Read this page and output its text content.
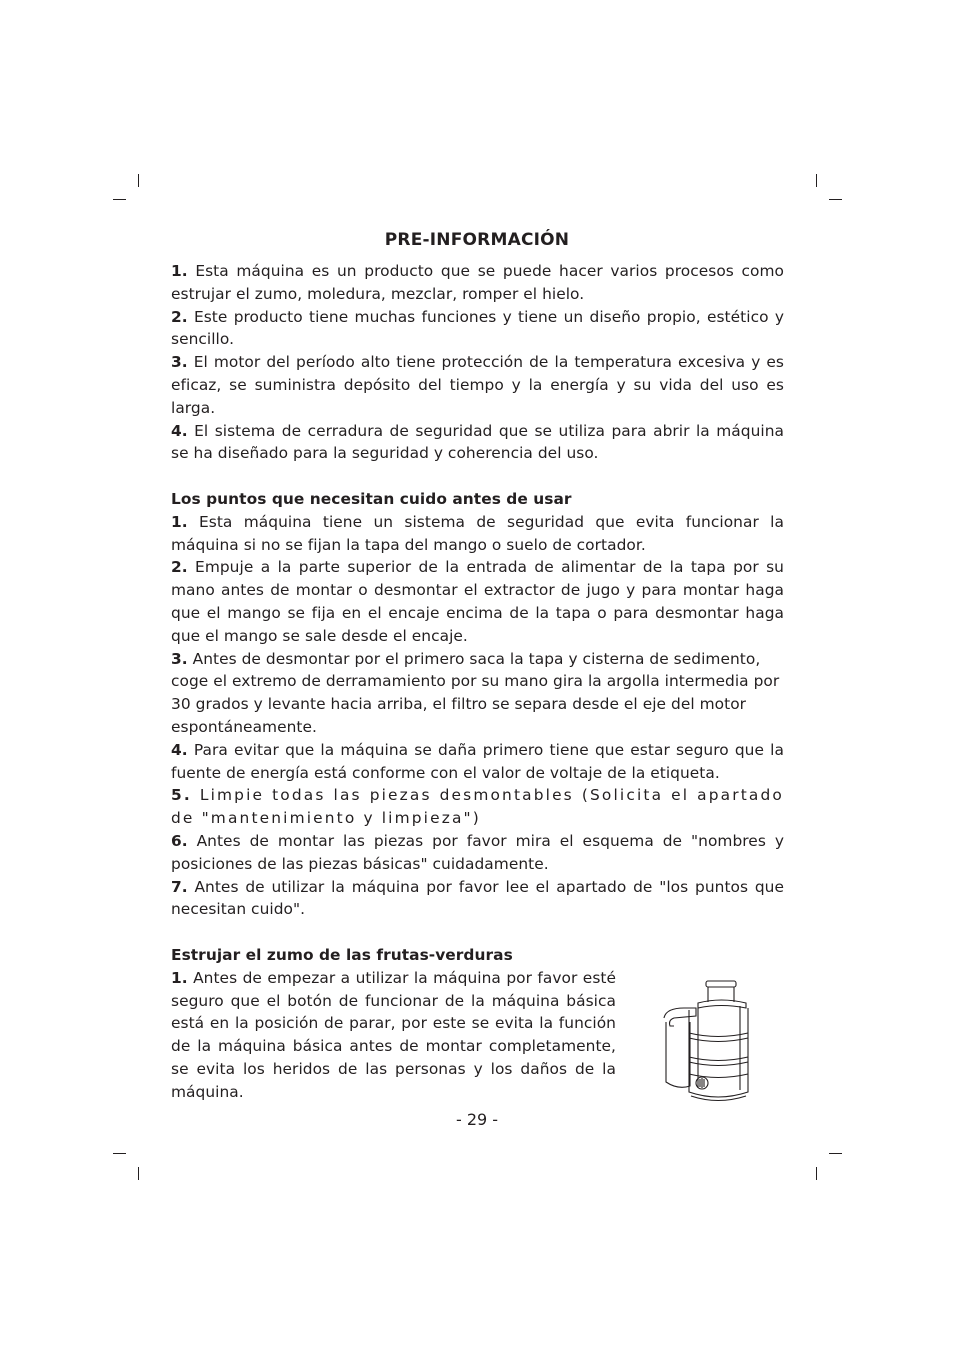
PRE-INFORMACIÓN

1. Esta máquina es un producto que se puede hacer varios procesos como estrujar el zumo, moledura, mezclar, romper el hielo.

2. Este producto tiene muchas funciones y tiene un diseño propio, estético y sencillo.

3. El motor del período alto tiene protección de la temperatura excesiva y es eficaz, se suministra depósito del tiempo y la energía y su vida del uso es larga.

4. El sistema de cerradura de seguridad que se utiliza para abrir la máquina se ha diseñado para la seguridad y coherencia del uso.

Los puntos que necesitan cuido antes de usar

1. Esta máquina tiene un sistema de seguridad que evita funcionar la máquina si no se fijan la tapa del mango o suelo de cortador.

2. Empuje a la parte superior de la entrada de alimentar de la tapa por su mano antes de montar o desmontar el extractor de jugo y para montar haga que el mango se fija en el encaje encima de la tapa o para desmontar haga que el mango se sale desde el encaje.

3. Antes de desmontar por el primero saca la tapa y cisterna de sedimento, coge el extremo de derramamiento por su mano gira la argolla intermedia por 30 grados y levante hacia arriba, el filtro se separa desde el eje del motor espontáneamente.

4. Para evitar que la máquina se daña primero tiene que estar seguro que la fuente de energía está conforme con el valor de voltaje de la etiqueta.

5. Limpie todas las piezas desmontables (Solicita el apartado de "mantenimiento y limpieza")

6. Antes de montar las piezas por favor mira el esquema de "nombres y posiciones de las piezas básicas" cuidadamente.

7. Antes de utilizar la máquina por favor lee el apartado de "los puntos que necesitan cuido".

Estrujar el zumo de las frutas-verduras

1. Antes de empezar a utilizar la máquina por favor esté seguro que el botón de funcionar de la máquina básica está en la posición de parar, por este se evita la función de la máquina básica antes de montar completamente, se evita los heridos de las personas y los daños de la máquina.

- 29 -
